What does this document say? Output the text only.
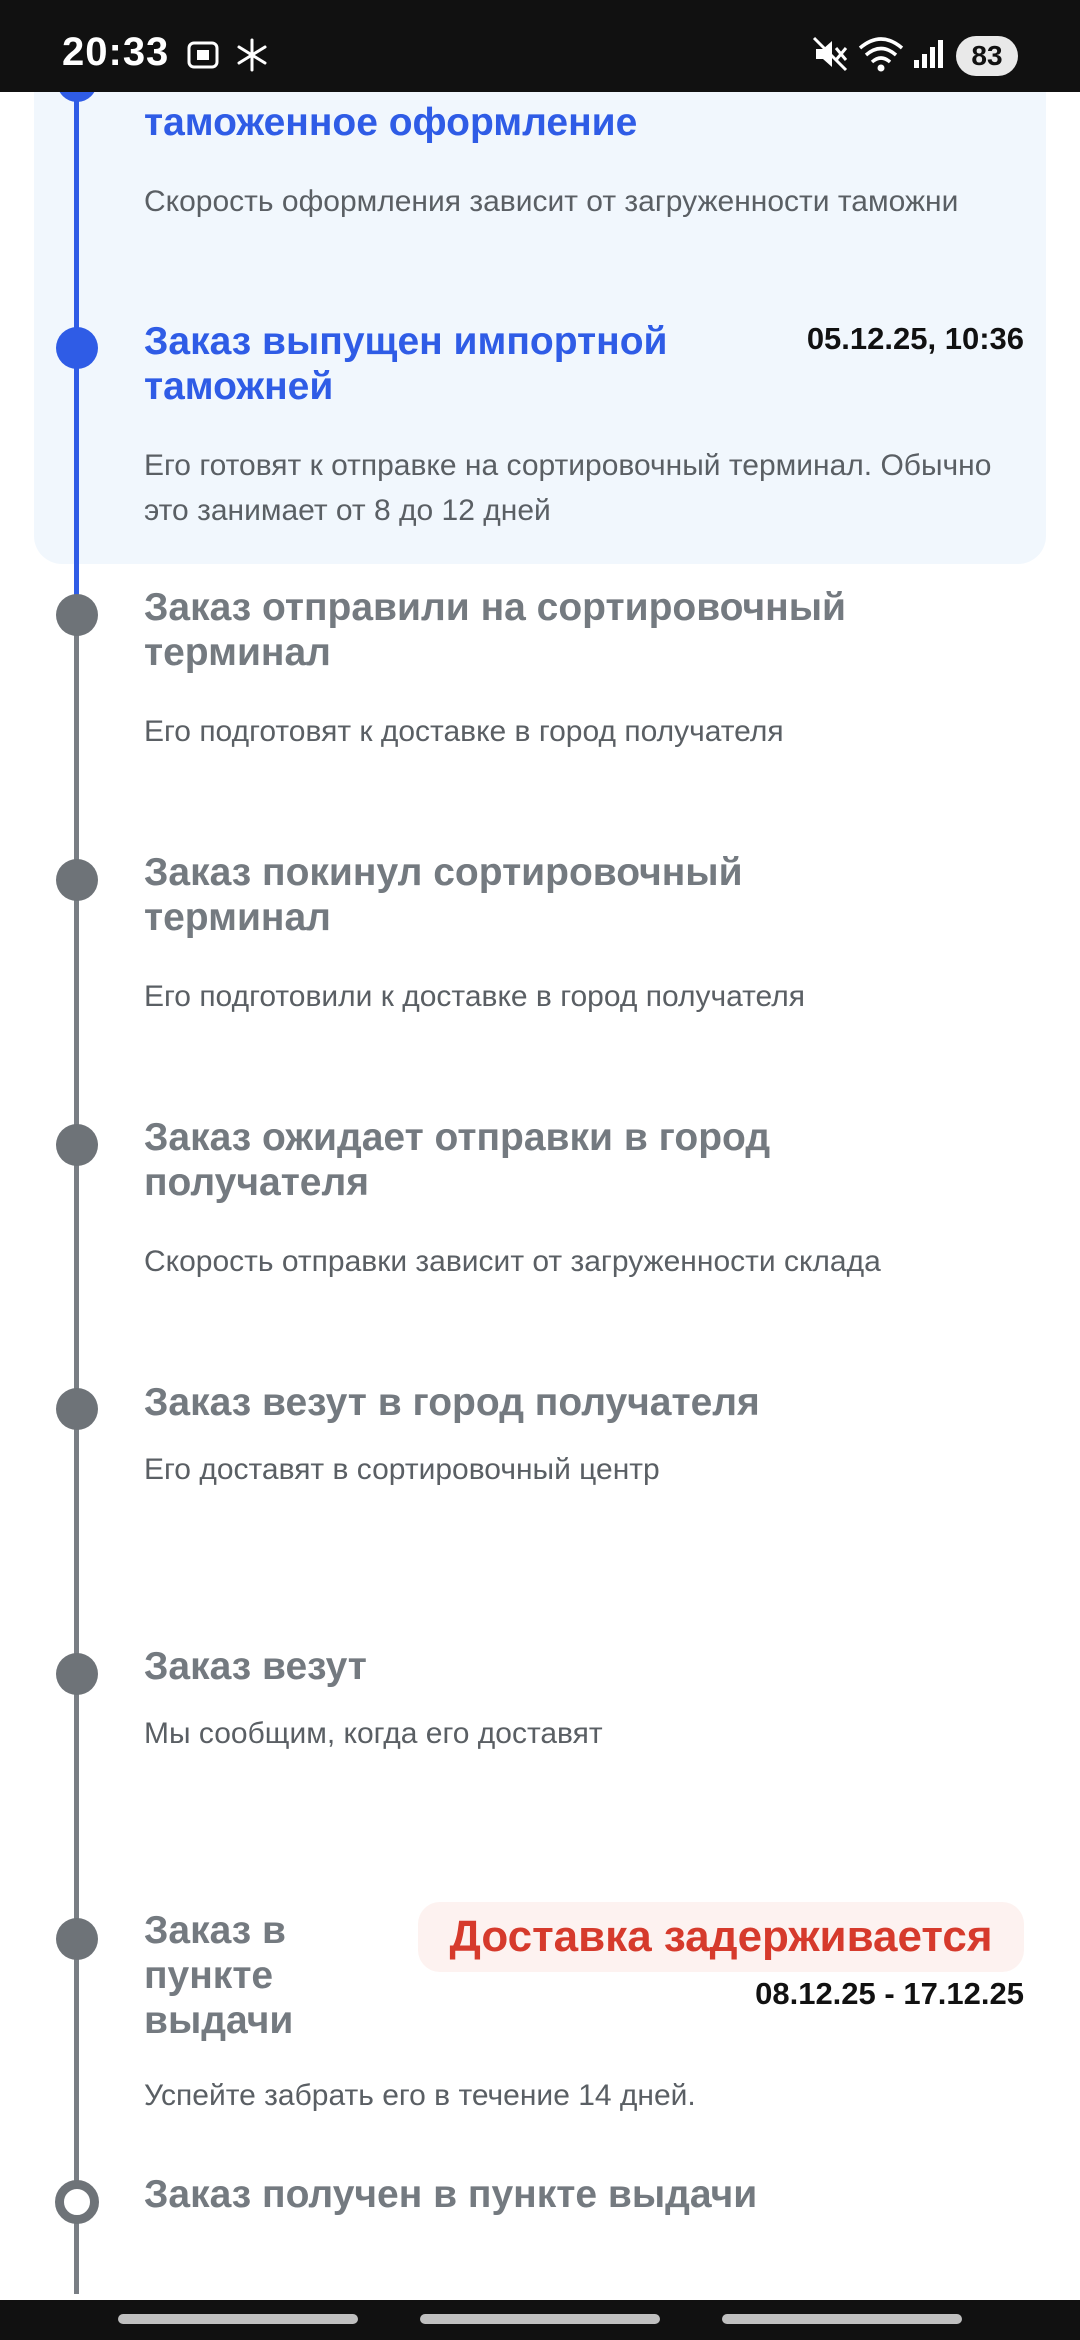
20:33	83
таможенное оформление
Скорость оформления зависит от загруженности таможни
Заказ выпущен импортной таможней
Его готовят к отправке на сортировочный терминал. Обычно это занимает от 8 до 12 дней
05.12.25, 10:36
Заказ отправили на сортировочный терминал
Его подготовят к доставке в город получателя
Заказ покинул сортировочный терминал
Его подготовили к доставке в город получателя
Заказ ожидает отправки в город получателя
Скорость отправки зависит от загруженности склада
Заказ везут в город получателя
Его доставят в сортировочный центр
Заказ везут
Мы сообщим, когда его доставят
Заказ в пункте выдачи
Успейте забрать его в течение 14 дней.
Доставка задерживается
08.12.25 - 17.12.25
Заказ получен в пункте выдачи
